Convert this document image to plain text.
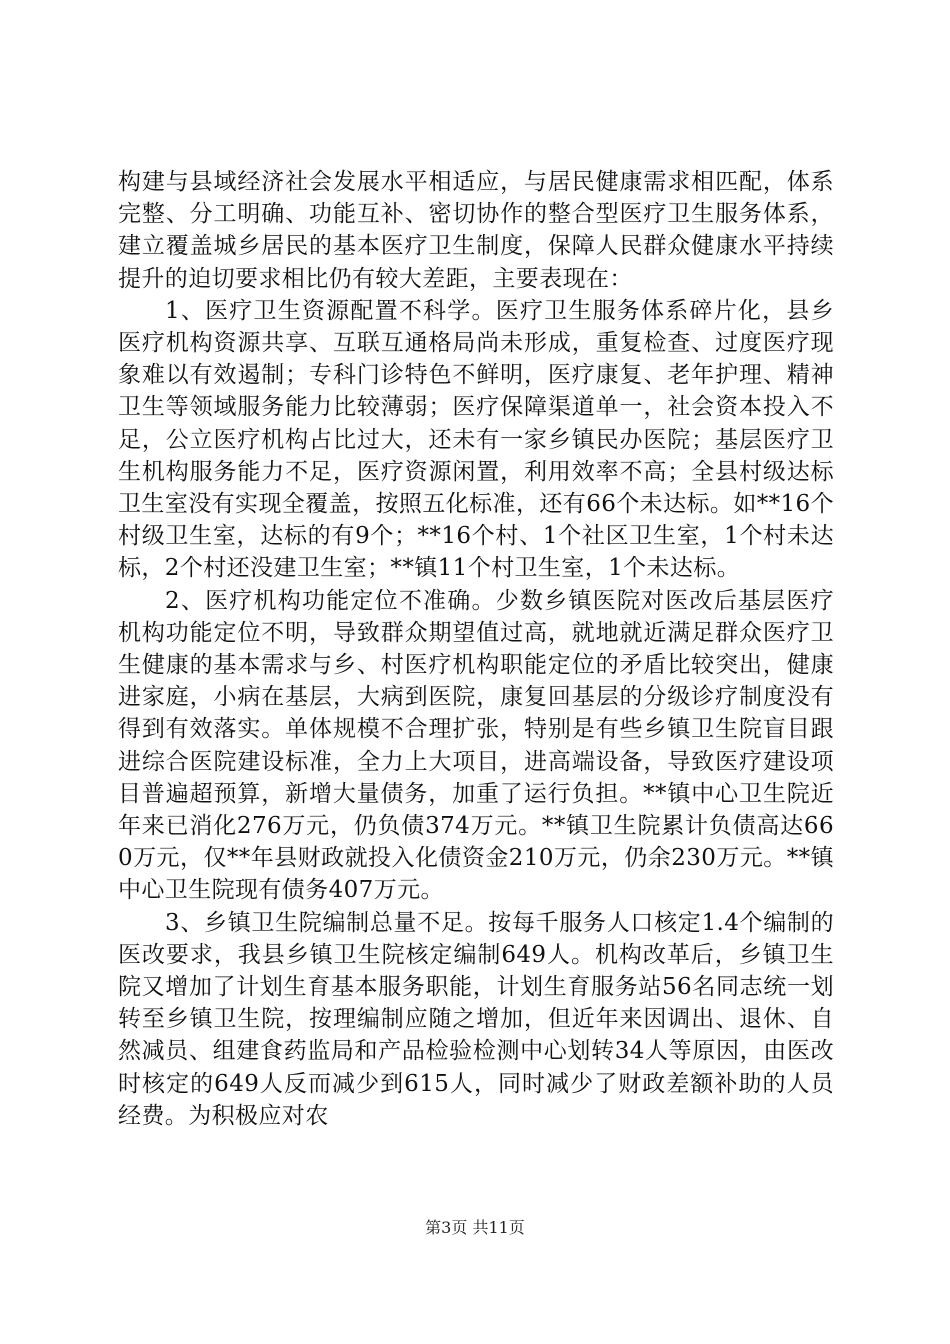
构建与县域经济社会发展水平相适应，与居民健康需求相匹配，体系完整、分工明确、功能互补、密切协作的整合型医疗卫生服务体系，建立覆盖城乡居民的基本医疗卫生制度，保障人民群众健康水平持续提升的迫切要求相比仍有较大差距，主要表现在：

1、医疗卫生资源配置不科学。医疗卫生服务体系碎片化，县乡医疗机构资源共享、互联互通格局尚未形成，重复检查、过度医疗现象难以有效遏制；专科门诊特色不鲜明，医疗康复、老年护理、精神卫生等领域服务能力比较薄弱；医疗保障渠道单一，社会资本投入不足，公立医疗机构占比过大，还未有一家乡镇民办医院；基层医疗卫生机构服务能力不足，医疗资源闲置，利用效率不高；全县村级达标卫生室没有实现全覆盖，按照五化标准，还有66个未达标。如**16个村级卫生室，达标的有9个；**16个村、1个社区卫生室，1个村未达标，2个村还没建卫生室；**镇11个村卫生室，1个未达标。

2、医疗机构功能定位不准确。少数乡镇医院对医改后基层医疗机构功能定位不明，导致群众期望值过高，就地就近满足群众医疗卫生健康的基本需求与乡、村医疗机构职能定位的矛盾比较突出，健康进家庭，小病在基层，大病到医院，康复回基层的分级诊疗制度没有得到有效落实。单体规模不合理扩张，特别是有些乡镇卫生院盲目跟进综合医院建设标准，全力上大项目，进高端设备，导致医疗建设项目普遍超预算，新增大量债务，加重了运行负担。**镇中心卫生院近年来已消化276万元，仍负债374万元。**镇卫生院累计负债高达660万元，仅**年县财政就投入化债资金210万元，仍余230万元。**镇中心卫生院现有债务407万元。

3、乡镇卫生院编制总量不足。按每千服务人口核定1.4个编制的医改要求，我县乡镇卫生院核定编制649人。机构改革后，乡镇卫生院又增加了计划生育基本服务职能，计划生育服务站56名同志统一划转至乡镇卫生院，按理编制应随之增加，但近年来因调出、退休、自然减员、组建食药监局和产品检验检测中心划转34人等原因，由医改时核定的649人反而减少到615人，同时减少了财政差额补助的人员经费。为积极应对农

第3页 共11页
